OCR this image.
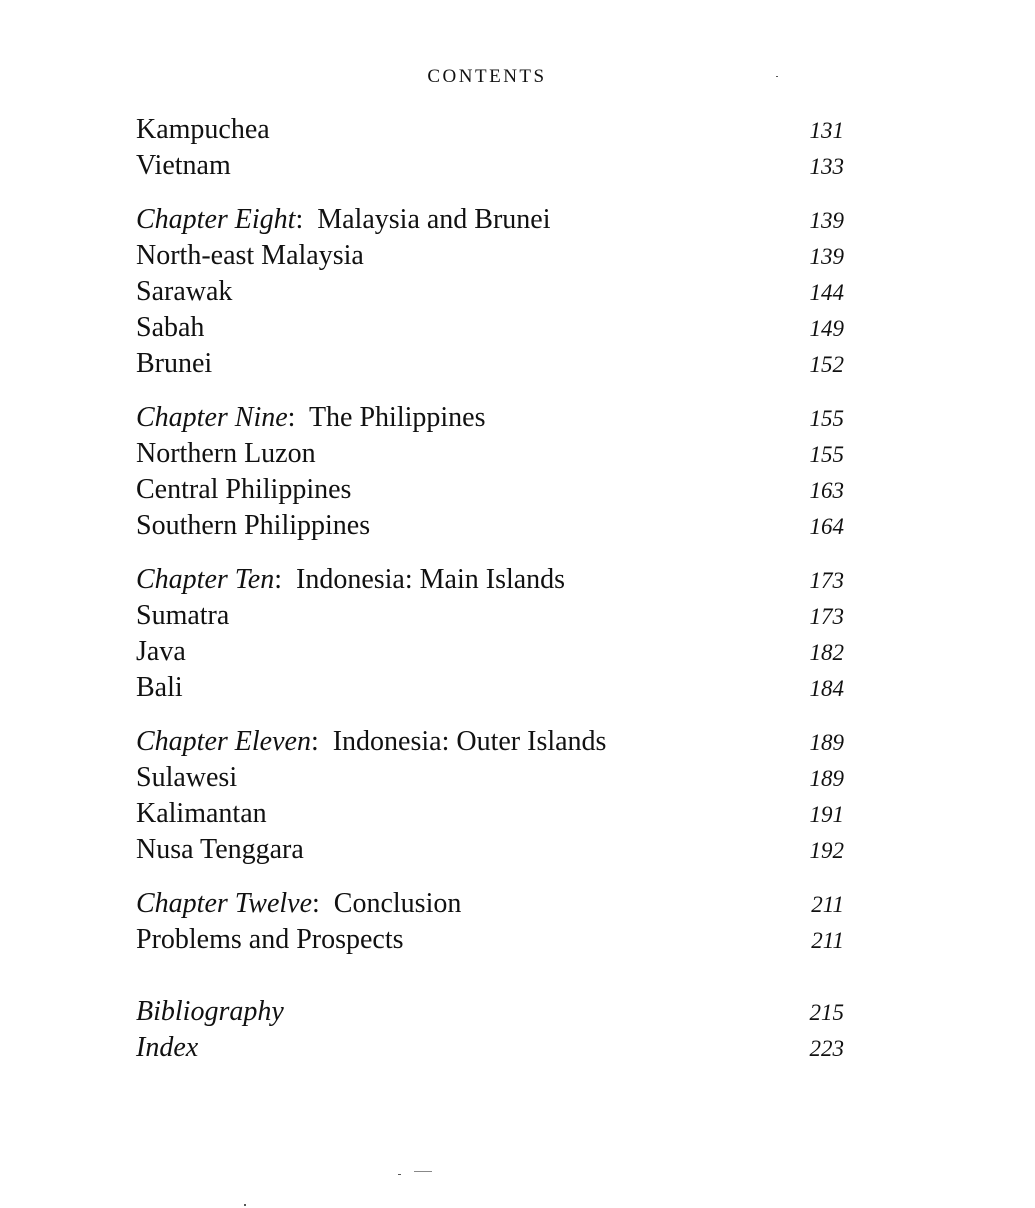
CONTENTS
Kampuchea	131
Vietnam	133
Chapter Eight:  Malaysia and Brunei	139
North-east Malaysia	139
Sarawak	144
Sabah	149
Brunei	152
Chapter Nine:  The Philippines	155
Northern Luzon	155
Central Philippines	163
Southern Philippines	164
Chapter Ten:  Indonesia: Main Islands	173
Sumatra	173
Java	182
Bali	184
Chapter Eleven:  Indonesia: Outer Islands	189
Sulawesi	189
Kalimantan	191
Nusa Tenggara	192
Chapter Twelve:  Conclusion	211
Problems and Prospects	211
Bibliography	215
Index	223
